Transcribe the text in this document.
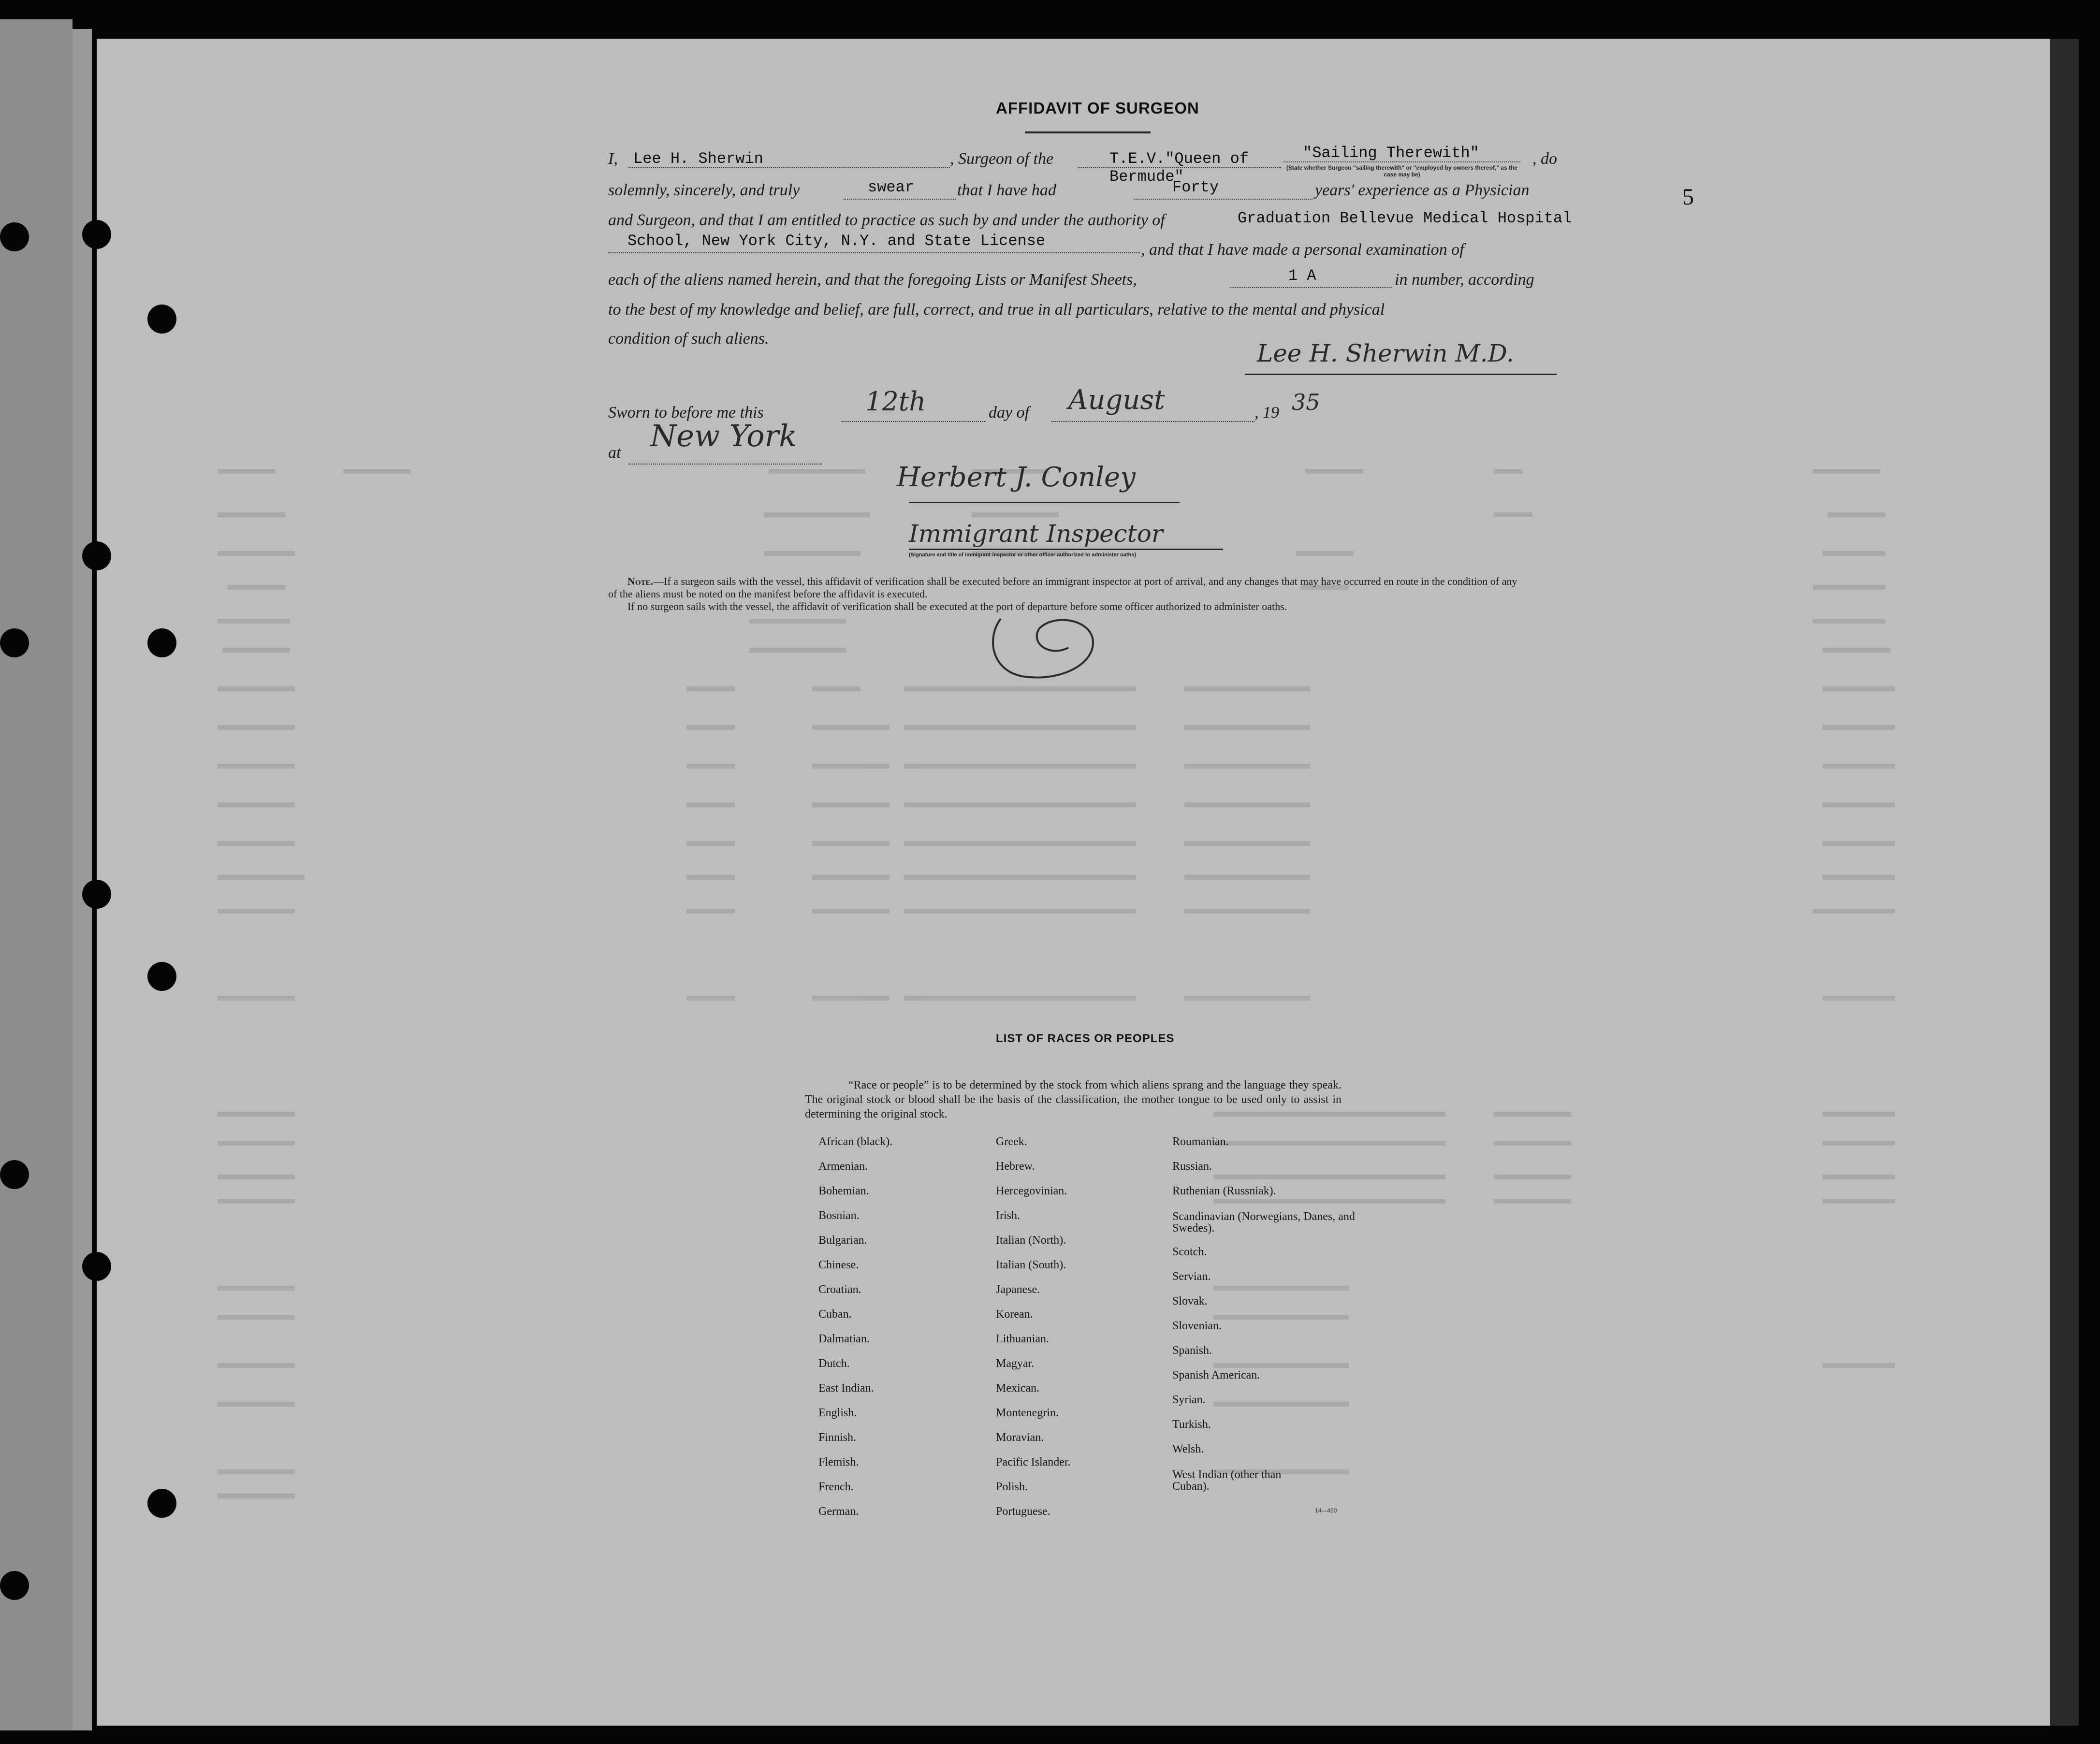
5
AFFIDAVIT OF SURGEON
I, Lee H. Sherwin	, Surgeon of the	T.E.V."Queen of Bermude"
"Sailing Therewith"
(State whether Surgeon "sailing therewith" or "employed by owners thereof," as the case may be)
, do
solemnly, sincerely, and truly	swear	that I have had	Forty	years' experience as a Physician
and Surgeon, and that I am entitled to practice as such by and under the authority of	Graduation Bellevue Medical Hospital
School, New York City, N.Y. and State License	, and that I have made a personal examination of
each of the aliens named herein, and that the foregoing Lists or Manifest Sheets,	1 A	in number, according
to the best of my knowledge and belief, are full, correct, and true in all particulars, relative to the mental and physical
condition of such aliens.
Lee H. Sherwin M.D.
Sworn to before me this	12th	day of August	, 19 35
at New York
Herbert J. Conley
Immigrant Inspector
(Signature and title of immigrant inspector or other officer authorized to administer oaths)
Note.—If a surgeon sails with the vessel, this affidavit of verification shall be executed before an immigrant inspector at port of arrival, and any changes that may have occurred en route in the condition of any of the aliens must be noted on the manifest before the affidavit is executed.
If no surgeon sails with the vessel, the affidavit of verification shall be executed at the port of departure before some officer authorized to administer oaths.
LIST OF RACES OR PEOPLES
“Race or people” is to be determined by the stock from which aliens sprang and the language they speak. The original stock or blood shall be the basis of the classification, the mother tongue to be used only to assist in determining the original stock.
African (black).
Armenian.
Bohemian.
Bosnian.
Bulgarian.
Chinese.
Croatian.
Cuban.
Dalmatian.
Dutch.
East Indian.
English.
Finnish.
Flemish.
French.
German.
Greek.
Hebrew.
Hercegovinian.
Irish.
Italian (North).
Italian (South).
Japanese.
Korean.
Lithuanian.
Magyar.
Mexican.
Montenegrin.
Moravian.
Pacific Islander.
Polish.
Portuguese.
Roumanian.
Russian.
Ruthenian (Russniak).
Scandinavian (Norwegians, Danes, and Swedes).
Scotch.
Servian.
Slovak.
Slovenian.
Spanish.
Spanish American.
Syrian.
Turkish.
Welsh.
West Indian (other than Cuban).
14—450
